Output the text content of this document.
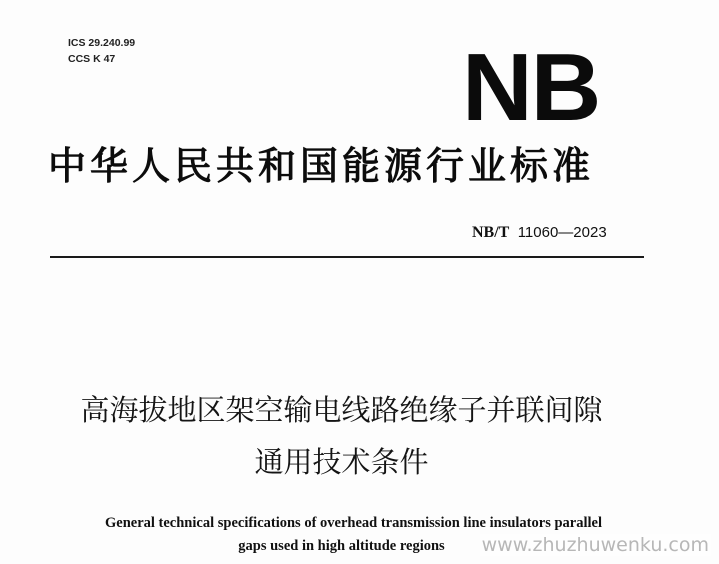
ICS 29.240.99
CCS K 47	NB
中华人民共和国能源行业标准
NB/T 11060—2023
高海拔地区架空输电线路绝缘子并联间隙
通用技术条件
General technical specifications of overhead transmission line insulators parallel
gaps used in high altitude regions	www.zhuzhuwenku.com
